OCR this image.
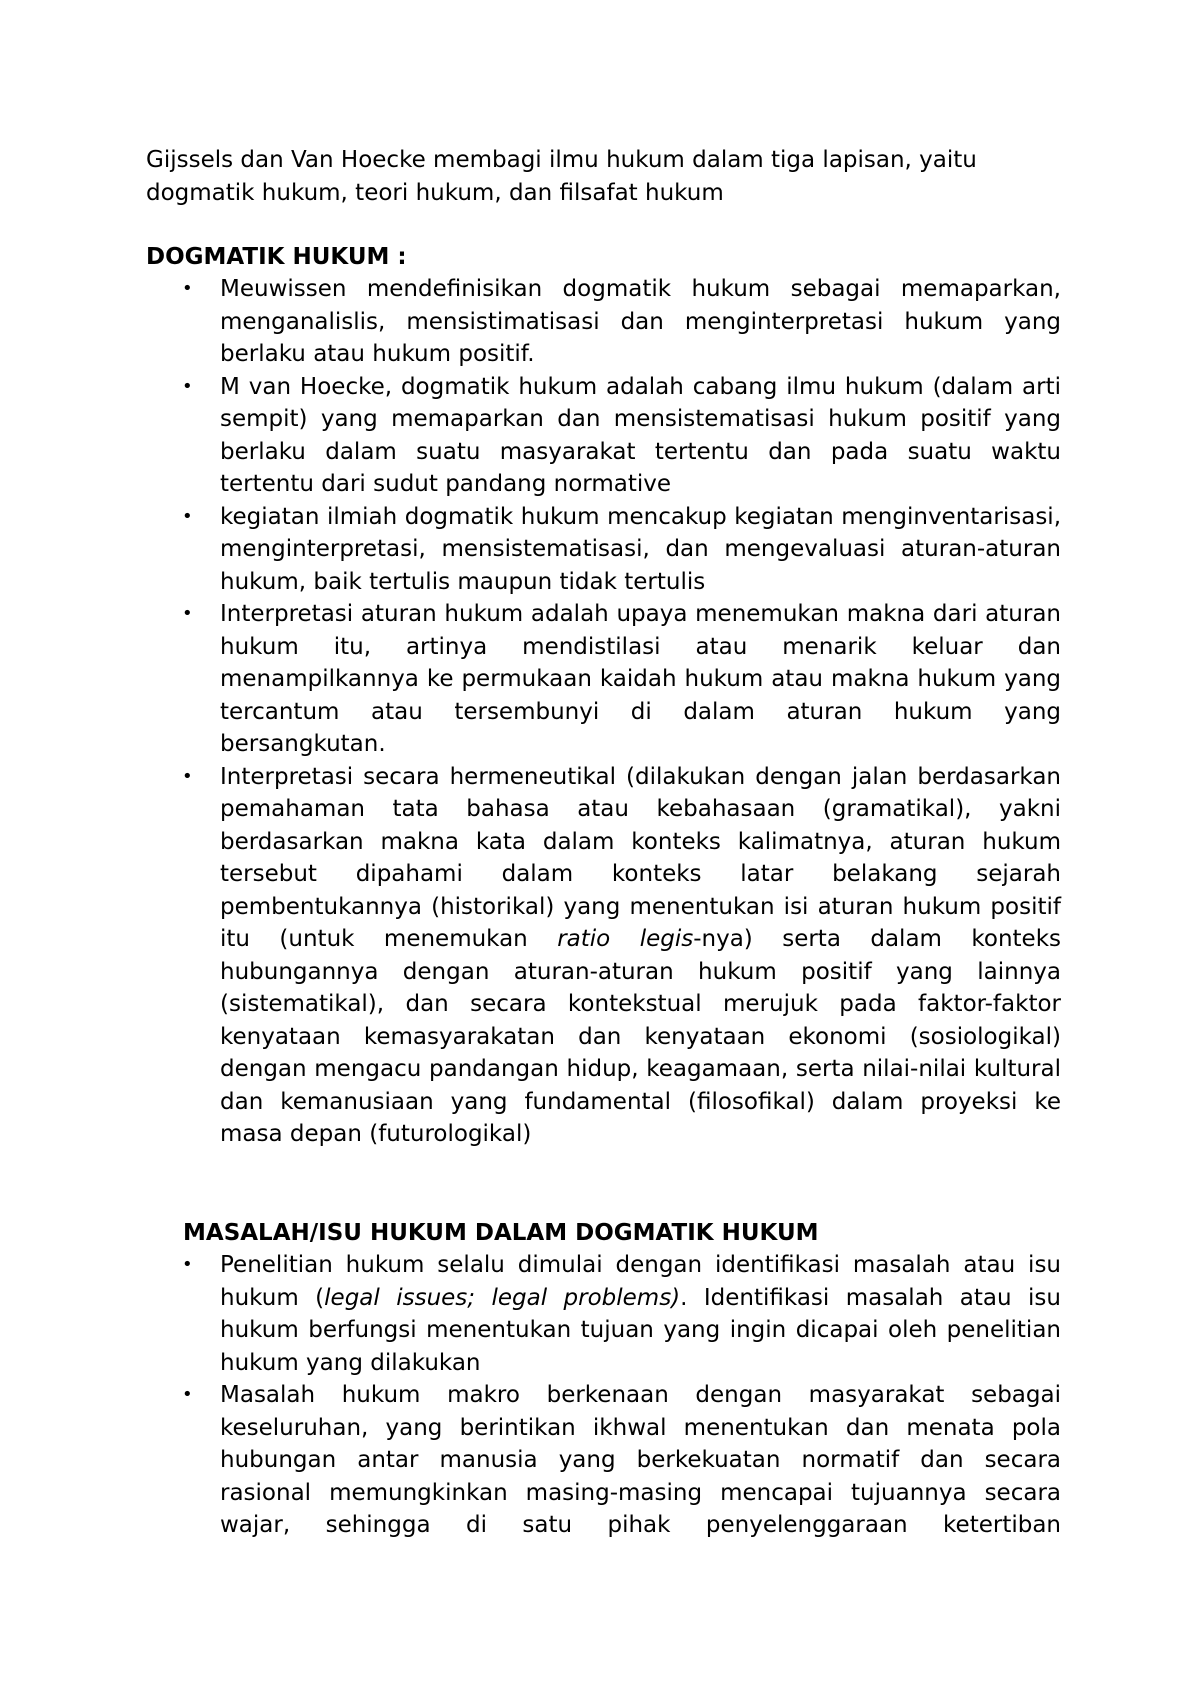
Gijssels dan Van Hoecke membagi ilmu hukum dalam tiga lapisan, yaitu dogmatik hukum, teori hukum, dan filsafat hukum

DOGMATIK HUKUM :

• Meuwissen mendefinisikan dogmatik hukum sebagai memaparkan, menganalislis, mensistimatisasi dan menginterpretasi hukum yang berlaku atau hukum positif.
• M van Hoecke, dogmatik hukum adalah cabang ilmu hukum (dalam arti sempit) yang memaparkan dan mensistematisasi hukum positif yang berlaku dalam suatu masyarakat tertentu dan pada suatu waktu tertentu dari sudut pandang normative
• kegiatan ilmiah dogmatik hukum mencakup kegiatan menginventarisasi, menginterpretasi, mensistematisasi, dan mengevaluasi aturan-aturan hukum, baik tertulis maupun tidak tertulis
• Interpretasi aturan hukum adalah upaya menemukan makna dari aturan hukum itu, artinya mendistilasi atau menarik keluar dan menampilkannya ke permukaan kaidah hukum atau makna hukum yang tercantum atau tersembunyi di dalam aturan hukum yang bersangkutan.
• Interpretasi secara hermeneutikal (dilakukan dengan jalan berdasarkan pemahaman tata bahasa atau kebahasaan (gramatikal), yakni berdasarkan makna kata dalam konteks kalimatnya, aturan hukum tersebut dipahami dalam konteks latar belakang sejarah pembentukannya (historikal) yang menentukan isi aturan hukum positif itu (untuk menemukan ratio legis-nya) serta dalam konteks hubungannya dengan aturan-aturan hukum positif yang lainnya (sistematikal), dan secara kontekstual merujuk pada faktor-faktor kenyataan kemasyarakatan dan kenyataan ekonomi (sosiologikal) dengan mengacu pandangan hidup, keagamaan, serta nilai-nilai kultural dan kemanusiaan yang fundamental (filosofikal) dalam proyeksi ke masa depan (futurologikal)

MASALAH/ISU HUKUM DALAM DOGMATIK HUKUM

• Penelitian hukum selalu dimulai dengan identifikasi masalah atau isu hukum (legal issues; legal problems). Identifikasi masalah atau isu hukum berfungsi menentukan tujuan yang ingin dicapai oleh penelitian hukum yang dilakukan
• Masalah hukum makro berkenaan dengan masyarakat sebagai keseluruhan, yang berintikan ikhwal menentukan dan menata pola hubungan antar manusia yang berkekuatan normatif dan secara rasional memungkinkan masing-masing mencapai tujuannya secara wajar, sehingga di satu pihak penyelenggaraan ketertiban
